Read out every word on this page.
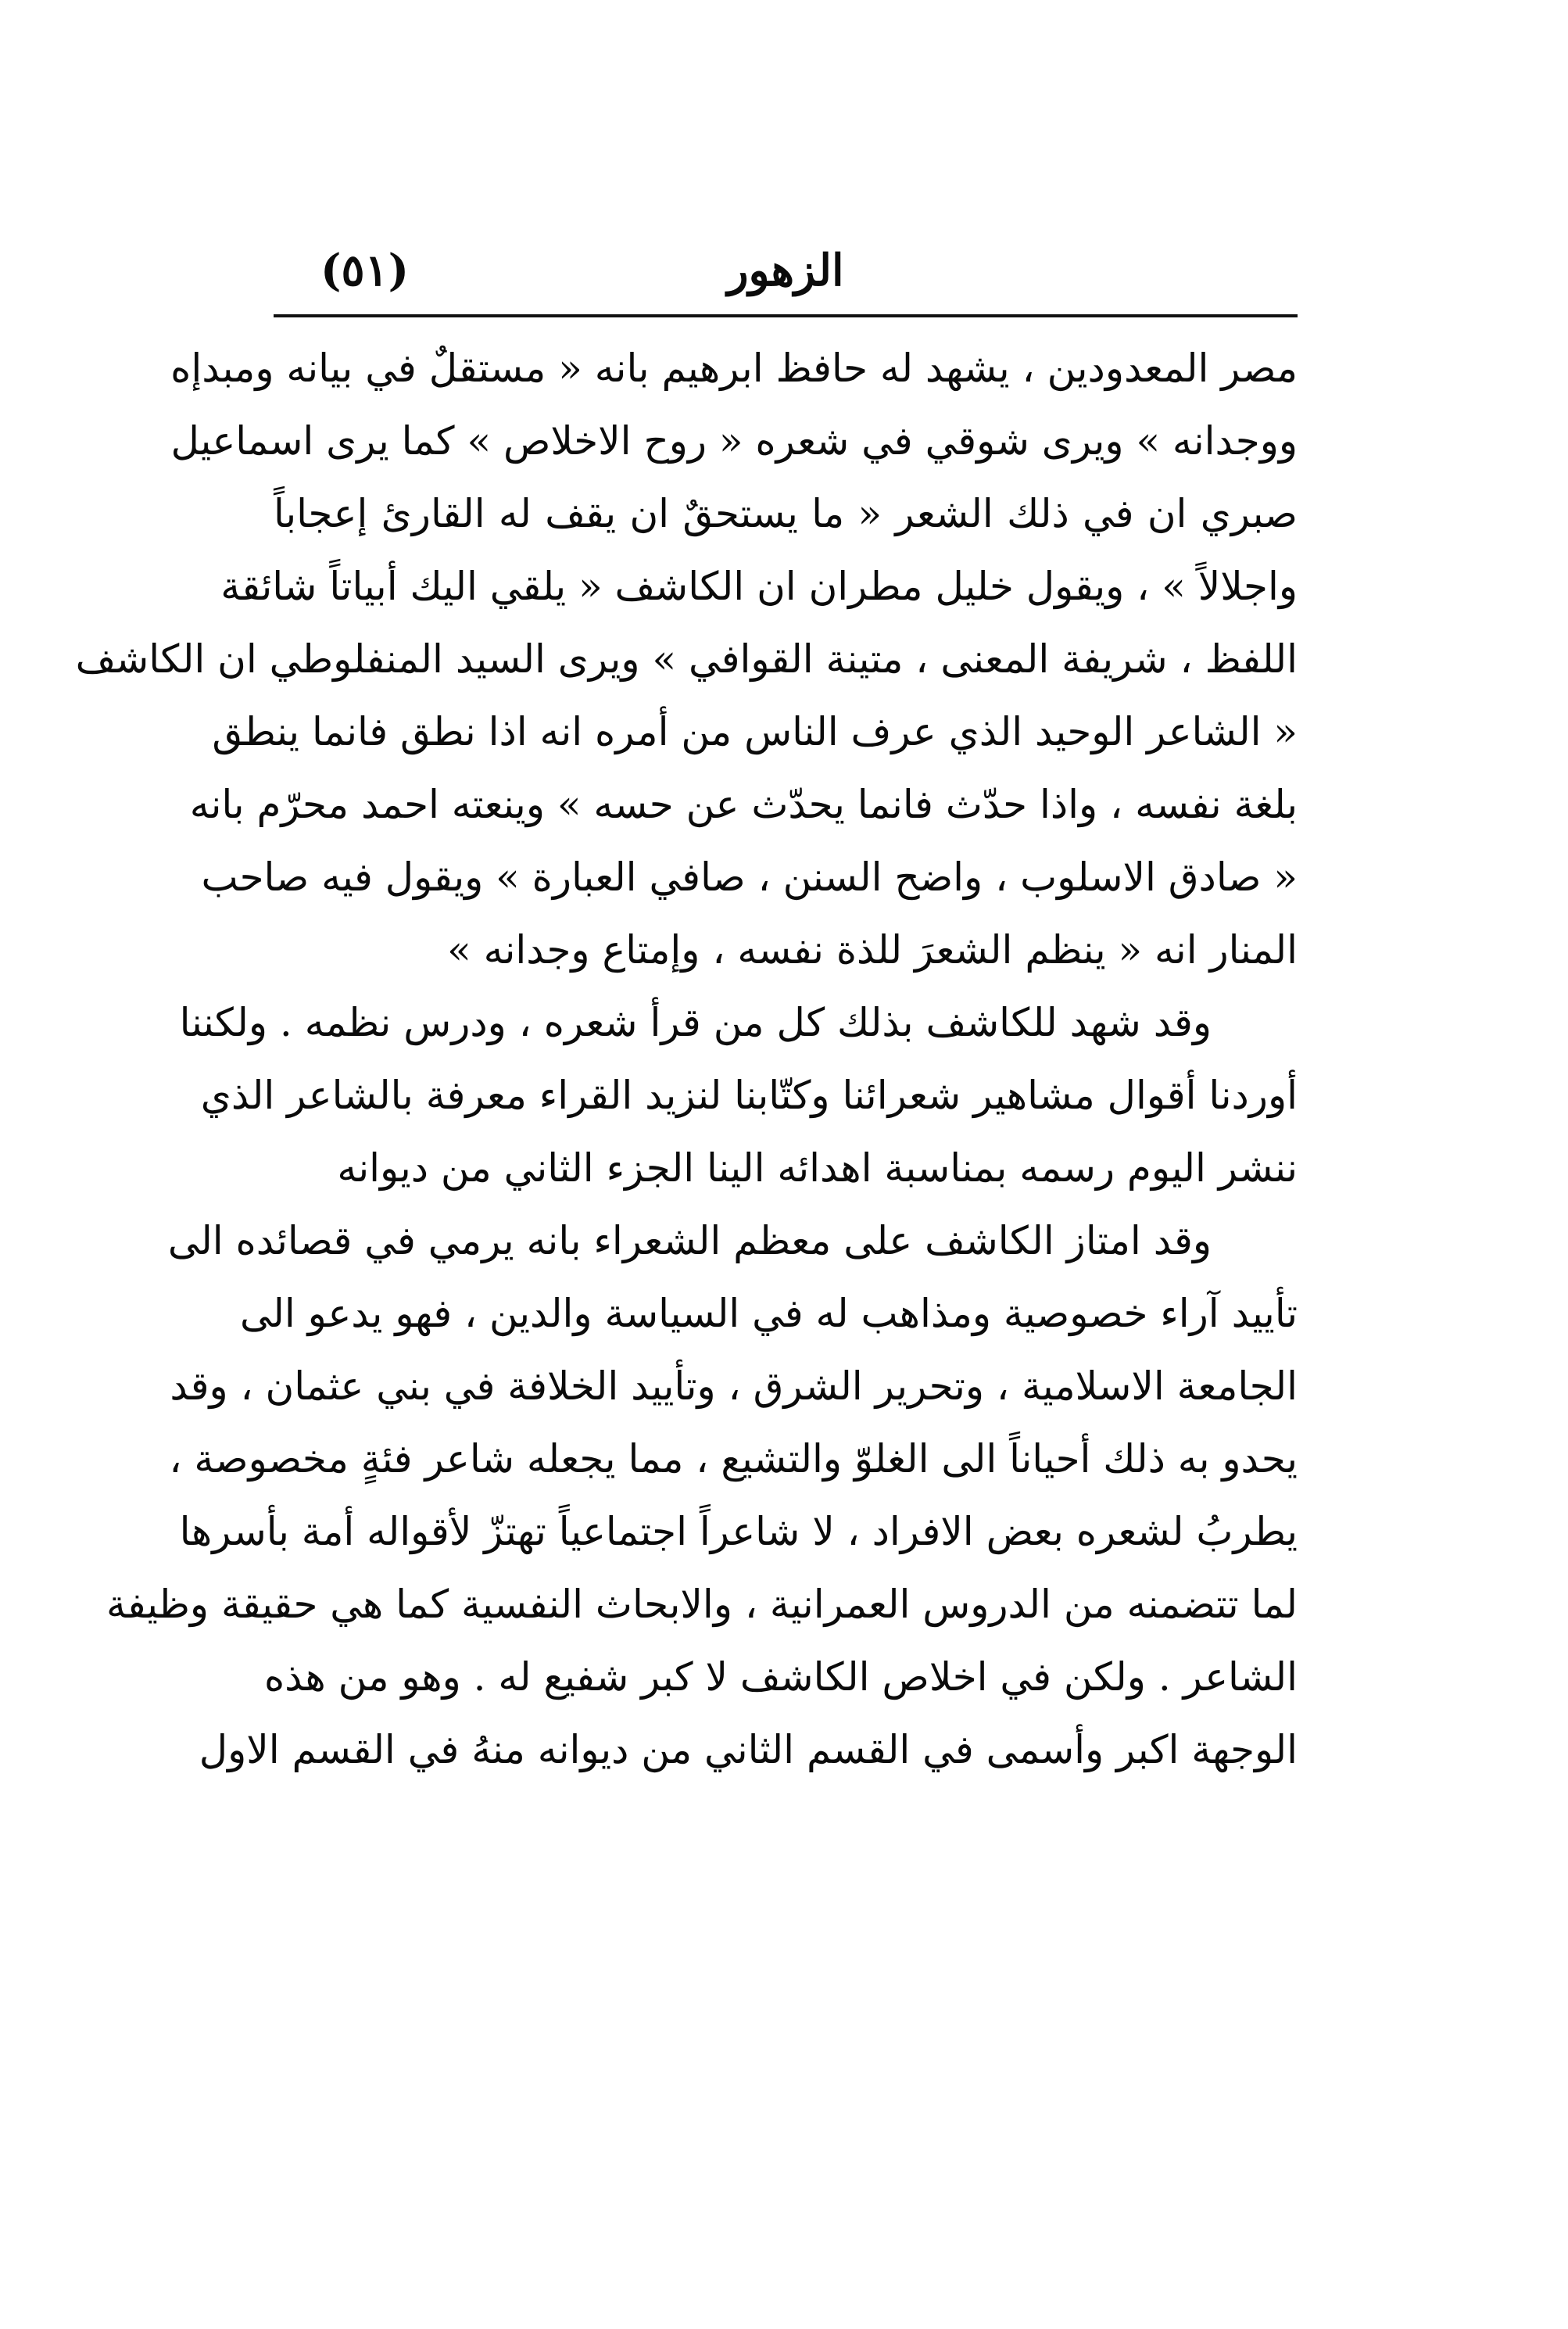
الزهور
(٥١)
مصر المعدودين ، يشهد له حافظ ابرهيم بانه « مستقلٌ في بيانه ومبدإه
ووجدانه » ويرى شوقي في شعره « روح الاخلاص » كما يرى اسماعيل
صبري ان في ذلك الشعر « ما يستحقٌ ان يقف له القارئ إعجاباً
واجلالاً » ، ويقول خليل مطران ان الكاشف « يلقي اليك أبياتاً شائقة
اللفظ ، شريفة المعنى ، متينة القوافي » ويرى السيد المنفلوطي ان الكاشف
« الشاعر الوحيد الذي عرف الناس من أمره انه اذا نطق فانما ينطق
بلغة نفسه ، واذا حدّث فانما يحدّث عن حسه » وينعته احمد محرّم بانه
« صادق الاسلوب ، واضح السنن ، صافي العبارة » ويقول فيه صاحب
المنار انه « ينظم الشعرَ للذة نفسه ، وإمتاع وجدانه »
وقد شهد للكاشف بذلك كل من قرأ شعره ، ودرس نظمه . ولكننا
أوردنا أقوال مشاهير شعرائنا وكتّابنا لنزيد القراء معرفة بالشاعر الذي
ننشر اليوم رسمه بمناسبة اهدائه الينا الجزء الثاني من ديوانه
وقد امتاز الكاشف على معظم الشعراء بانه يرمي في قصائده الى
تأييد آراء خصوصية ومذاهب له في السياسة والدين ، فهو يدعو الى
الجامعة الاسلامية ، وتحرير الشرق ، وتأييد الخلافة في بني عثمان ، وقد
يحدو به ذلك أحياناً الى الغلوّ والتشيع ، مما يجعله شاعر فئةٍ مخصوصة ،
يطربُ لشعره بعض الافراد ، لا شاعراً اجتماعياً تهتزّ لأقواله أمة بأسرها
لما تتضمنه من الدروس العمرانية ، والابحاث النفسية كما هي حقيقة وظيفة
الشاعر . ولكن في اخلاص الكاشف لا كبر شفيع له . وهو من هذه
الوجهة اكبر وأسمى في القسم الثاني من ديوانه منهُ في القسم الاول
